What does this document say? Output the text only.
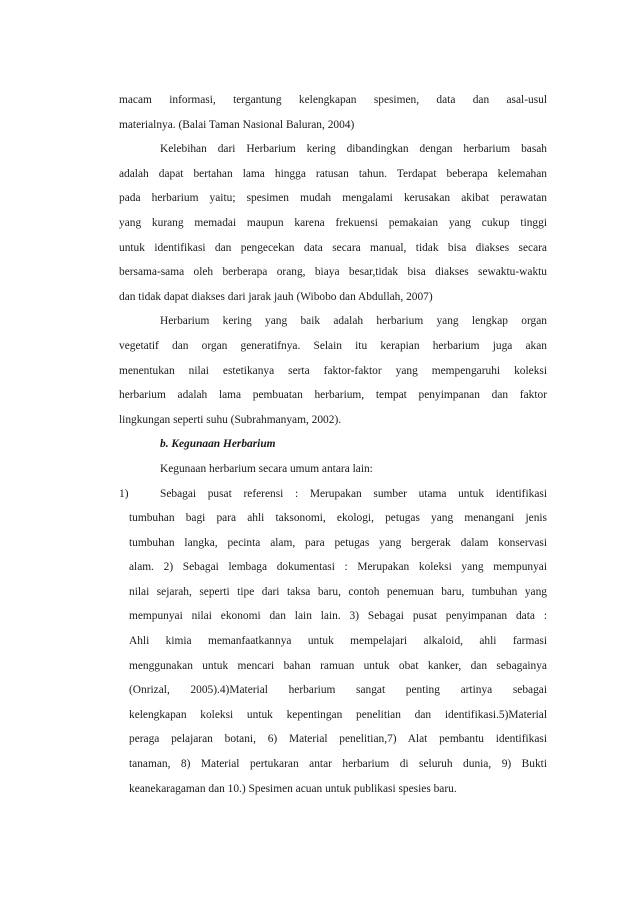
macam informasi, tergantung kelengkapan spesimen, data dan asal-usul
materialnya. (Balai Taman Nasional Baluran, 2004)
Kelebihan dari Herbarium kering dibandingkan dengan herbarium basah
adalah dapat bertahan lama hingga ratusan tahun. Terdapat beberapa kelemahan
pada herbarium yaitu; spesimen mudah mengalami kerusakan akibat perawatan
yang kurang memadai maupun karena frekuensi pemakaian yang cukup tinggi
untuk identifikasi dan pengecekan data secara manual, tidak bisa diakses secara
bersama-sama oleh berberapa orang, biaya besar,tidak bisa diakses sewaktu-waktu
dan tidak dapat diakses dari jarak jauh (Wibobo dan Abdullah, 2007)
Herbarium kering yang baik adalah herbarium yang lengkap organ
vegetatif dan organ generatifnya. Selain itu kerapian herbarium juga akan
menentukan nilai estetikanya serta faktor-faktor yang mempengaruhi koleksi
herbarium adalah lama pembuatan herbarium, tempat penyimpanan dan faktor
lingkungan seperti suhu (Subrahmanyam, 2002).
b. Kegunaan Herbarium
Kegunaan herbarium secara umum antara lain:
1)	Sebagai pusat referensi : Merupakan sumber utama untuk identifikasi
tumbuhan bagi para ahli taksonomi, ekologi, petugas yang menangani jenis
tumbuhan langka, pecinta alam, para petugas yang bergerak dalam konservasi
alam. 2) Sebagai lembaga dokumentasi : Merupakan koleksi yang mempunyai
nilai sejarah, seperti tipe dari taksa baru, contoh penemuan baru, tumbuhan yang
mempunyai nilai ekonomi dan lain lain. 3) Sebagai pusat penyimpanan data :
Ahli kimia memanfaatkannya untuk mempelajari alkaloid, ahli farmasi
menggunakan untuk mencari bahan ramuan untuk obat kanker, dan sebagainya
(Onrizal, 2005).4)Material herbarium sangat penting artinya sebagai
kelengkapan koleksi untuk kepentingan penelitian dan identifikasi.5)Material
peraga pelajaran botani, 6) Material penelitian,7) Alat pembantu identifikasi
tanaman, 8) Material pertukaran antar herbarium di seluruh dunia, 9) Bukti
keanekaragaman dan 10.) Spesimen acuan untuk publikasi spesies baru.
